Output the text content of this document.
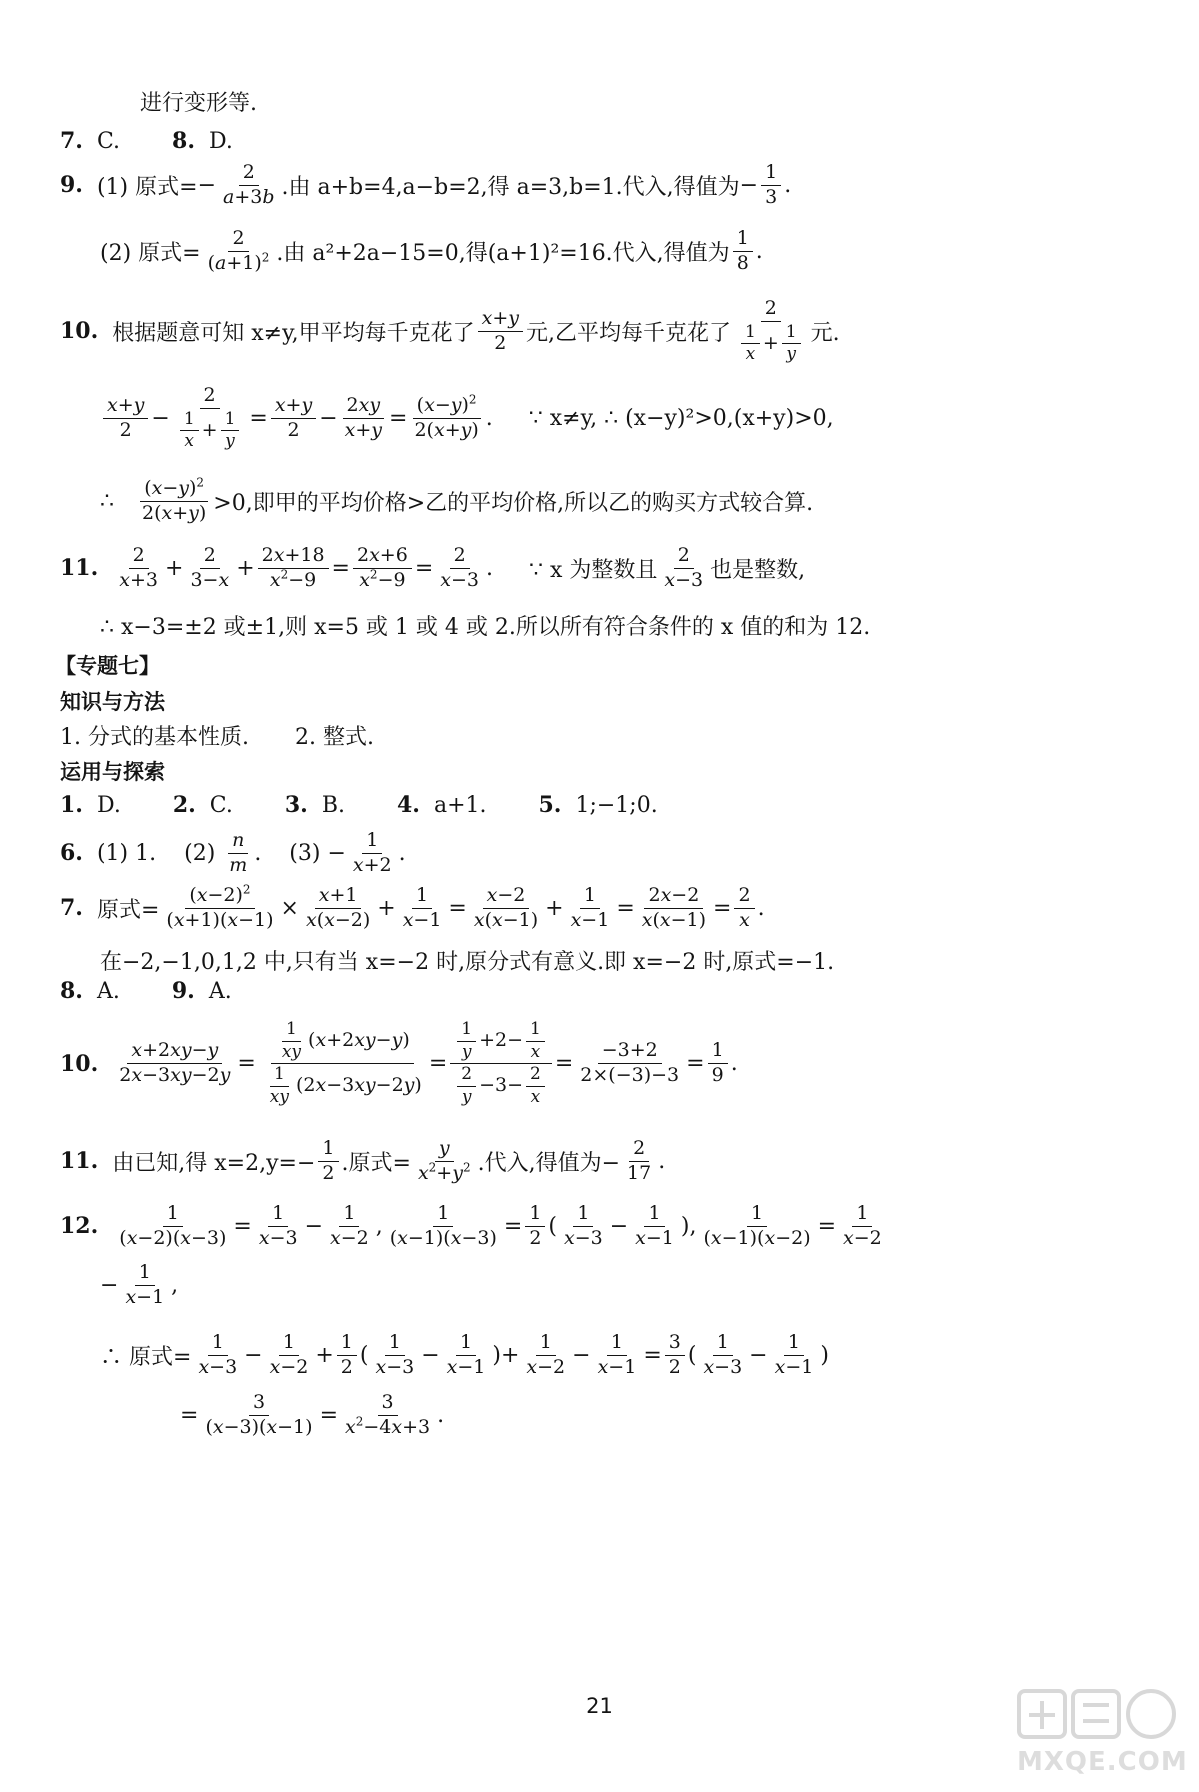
进行变形等.
7. C. 8. D.
9. (1) 原式= − $\frac{2}{a+3b}$ .由 a+b=4,a−b=2,得 a=3,b=1.代入,得值为 − $\frac{1}{3}$ .
(2) 原式= $\frac{2}{(a+1)^2}$ .由 a²+2a−15=0,得(a+1)²=16.代入,得值为 $\frac{1}{8}$ .
10. 根据题意可知 x≠y,甲平均每千克花了 $\frac{x+y}{2}$ 元,乙平均每千克花了 $\frac{2}{\frac{1}{x} + \frac{1}{y}}$ 元.
$\frac{x+y}{2} - \frac{2}{\frac{1}{x} + \frac{1}{y}} = \frac{x+y}{2} - \frac{2xy}{x+y} = \frac{(x-y)^2}{2(x+y)}$ . ∵ x≠y, ∴ (x−y)²>0,(x+y)>0,
∴ $\frac{(x-y)^2}{2(x+y)} >0$,即甲的平均价格>乙的平均价格,所以乙的购买方式较合算.
11. $\frac{2}{x+3} + \frac{2}{3-x} + \frac{2x+18}{x^2-9} = \frac{2x+6}{x^2-9} = \frac{2}{x-3}$ . ∵ x 为整数且 $\frac{2}{x-3}$ 也是整数,
∴ x−3=±2 或±1,则 x=5 或 1 或 4 或 2.所以所有符合条件的 x 值的和为 12.
【专题七】
知识与方法
1. 分式的基本性质. 2. 整式.
运用与探索
1. D. 2. C. 3. B. 4. a+1. 5. 1;−1;0.
6. (1) 1.
(2)
$\frac{n}{m}$ . $(3) - \frac{1}{x+2}$ .
7. 原式= $\frac{(x-2)^2}{(x+1)(x-1)} \times \frac{x+1}{x(x-2)} + \frac{1}{x-1} = \frac{x-2}{x(x-1)} + \frac{1}{x-1} = \frac{2x-2}{x(x-1)} = \frac{2}{x}$ .
在−2,−1,0,1,2 中,只有当 x=−2 时,原分式有意义.即 x=−2 时,原式=−1.
8. A. 9. A.
10. $\frac{x+2xy-y}{2x-3xy-2y} = \frac{\frac{1}{xy} (x+2xy-y)}{\frac{1}{xy} (2x-3xy-2y)} = \frac{\frac{1}{y} +2- \frac{1}{x}}{\frac{2}{y} -3- \frac{2}{x}} = \frac{-3+2}{2\times(-3)-3} = \frac{1}{9}$ .
11. 由已知,得 $x=2,y=- \frac{1}{2}$ .原式= $\frac{y}{x^2+y^2}$ .代入,得值为− $\frac{2}{17}$ .
12. $\frac{1}{(x-2)(x-3)} = \frac{1}{x-3} - \frac{1}{x-2}$ , $\frac{1}{(x-1)(x-3)} = \frac{1}{2}$ ( $\frac{1}{x-3} - \frac{1}{x-1}$ ), $\frac{1}{(x-1)(x-2)} = \frac{1}{x-2}$
− $\frac{1}{x-1}$ ,
∴ 原式= $\frac{1}{x-3} - \frac{1}{x-2} + \frac{1}{2}$ ( $\frac{1}{x-3} - \frac{1}{x-1}$ )+ $\frac{1}{x-2} - \frac{1}{x-1} = \frac{3}{2}$ ( $\frac{1}{x-3} - \frac{1}{x-1}$ )
= $\frac{3}{(x-3)(x-1)} = \frac{3}{x^2-4x+3}$ .
21
MXQE.COM
